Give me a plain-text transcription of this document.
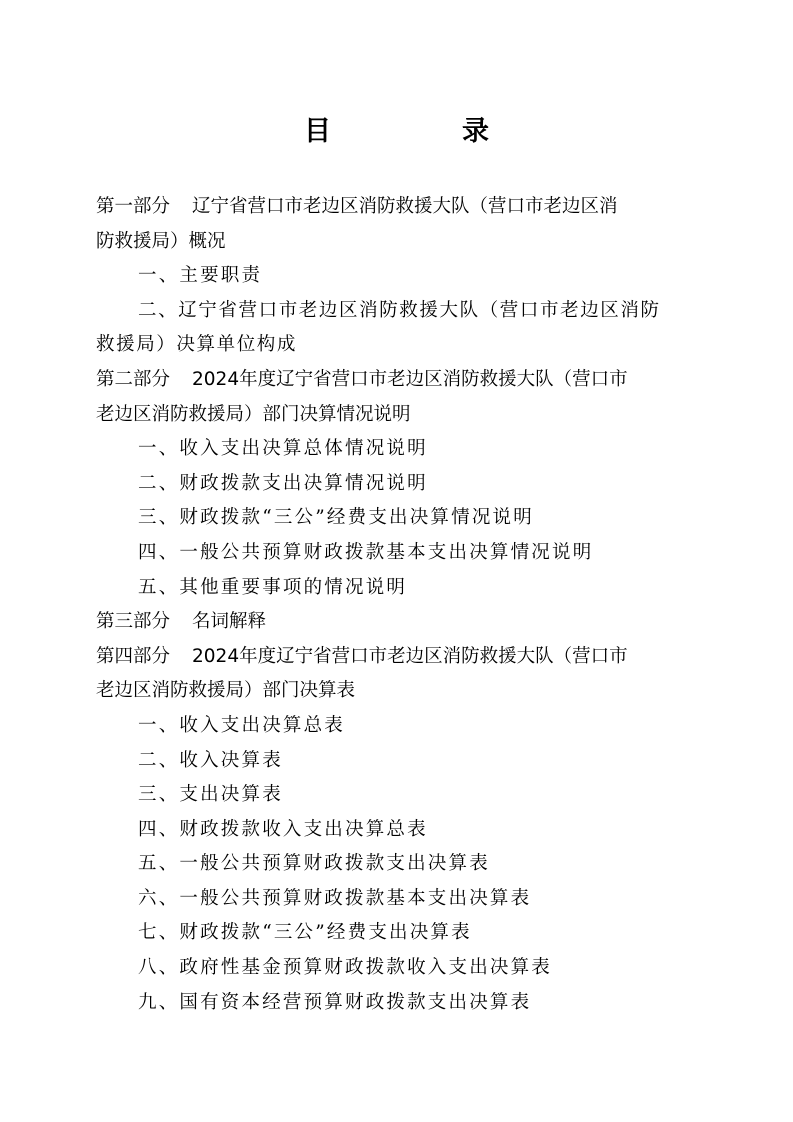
目　录
第一部分 辽宁省营口市老边区消防救援大队（营口市老边区消
防救援局）概况
一、主要职责
二、辽宁省营口市老边区消防救援大队（营口市老边区消防
救援局）决算单位构成
第二部分 2024年度辽宁省营口市老边区消防救援大队（营口市
老边区消防救援局）部门决算情况说明
一、收入支出决算总体情况说明
二、财政拨款支出决算情况说明
三、财政拨款“三公”经费支出决算情况说明
四、一般公共预算财政拨款基本支出决算情况说明
五、其他重要事项的情况说明
第三部分 名词解释
第四部分 2024年度辽宁省营口市老边区消防救援大队（营口市
老边区消防救援局）部门决算表
一、收入支出决算总表
二、收入决算表
三、支出决算表
四、财政拨款收入支出决算总表
五、一般公共预算财政拨款支出决算表
六、一般公共预算财政拨款基本支出决算表
七、财政拨款“三公”经费支出决算表
八、政府性基金预算财政拨款收入支出决算表
九、国有资本经营预算财政拨款支出决算表
